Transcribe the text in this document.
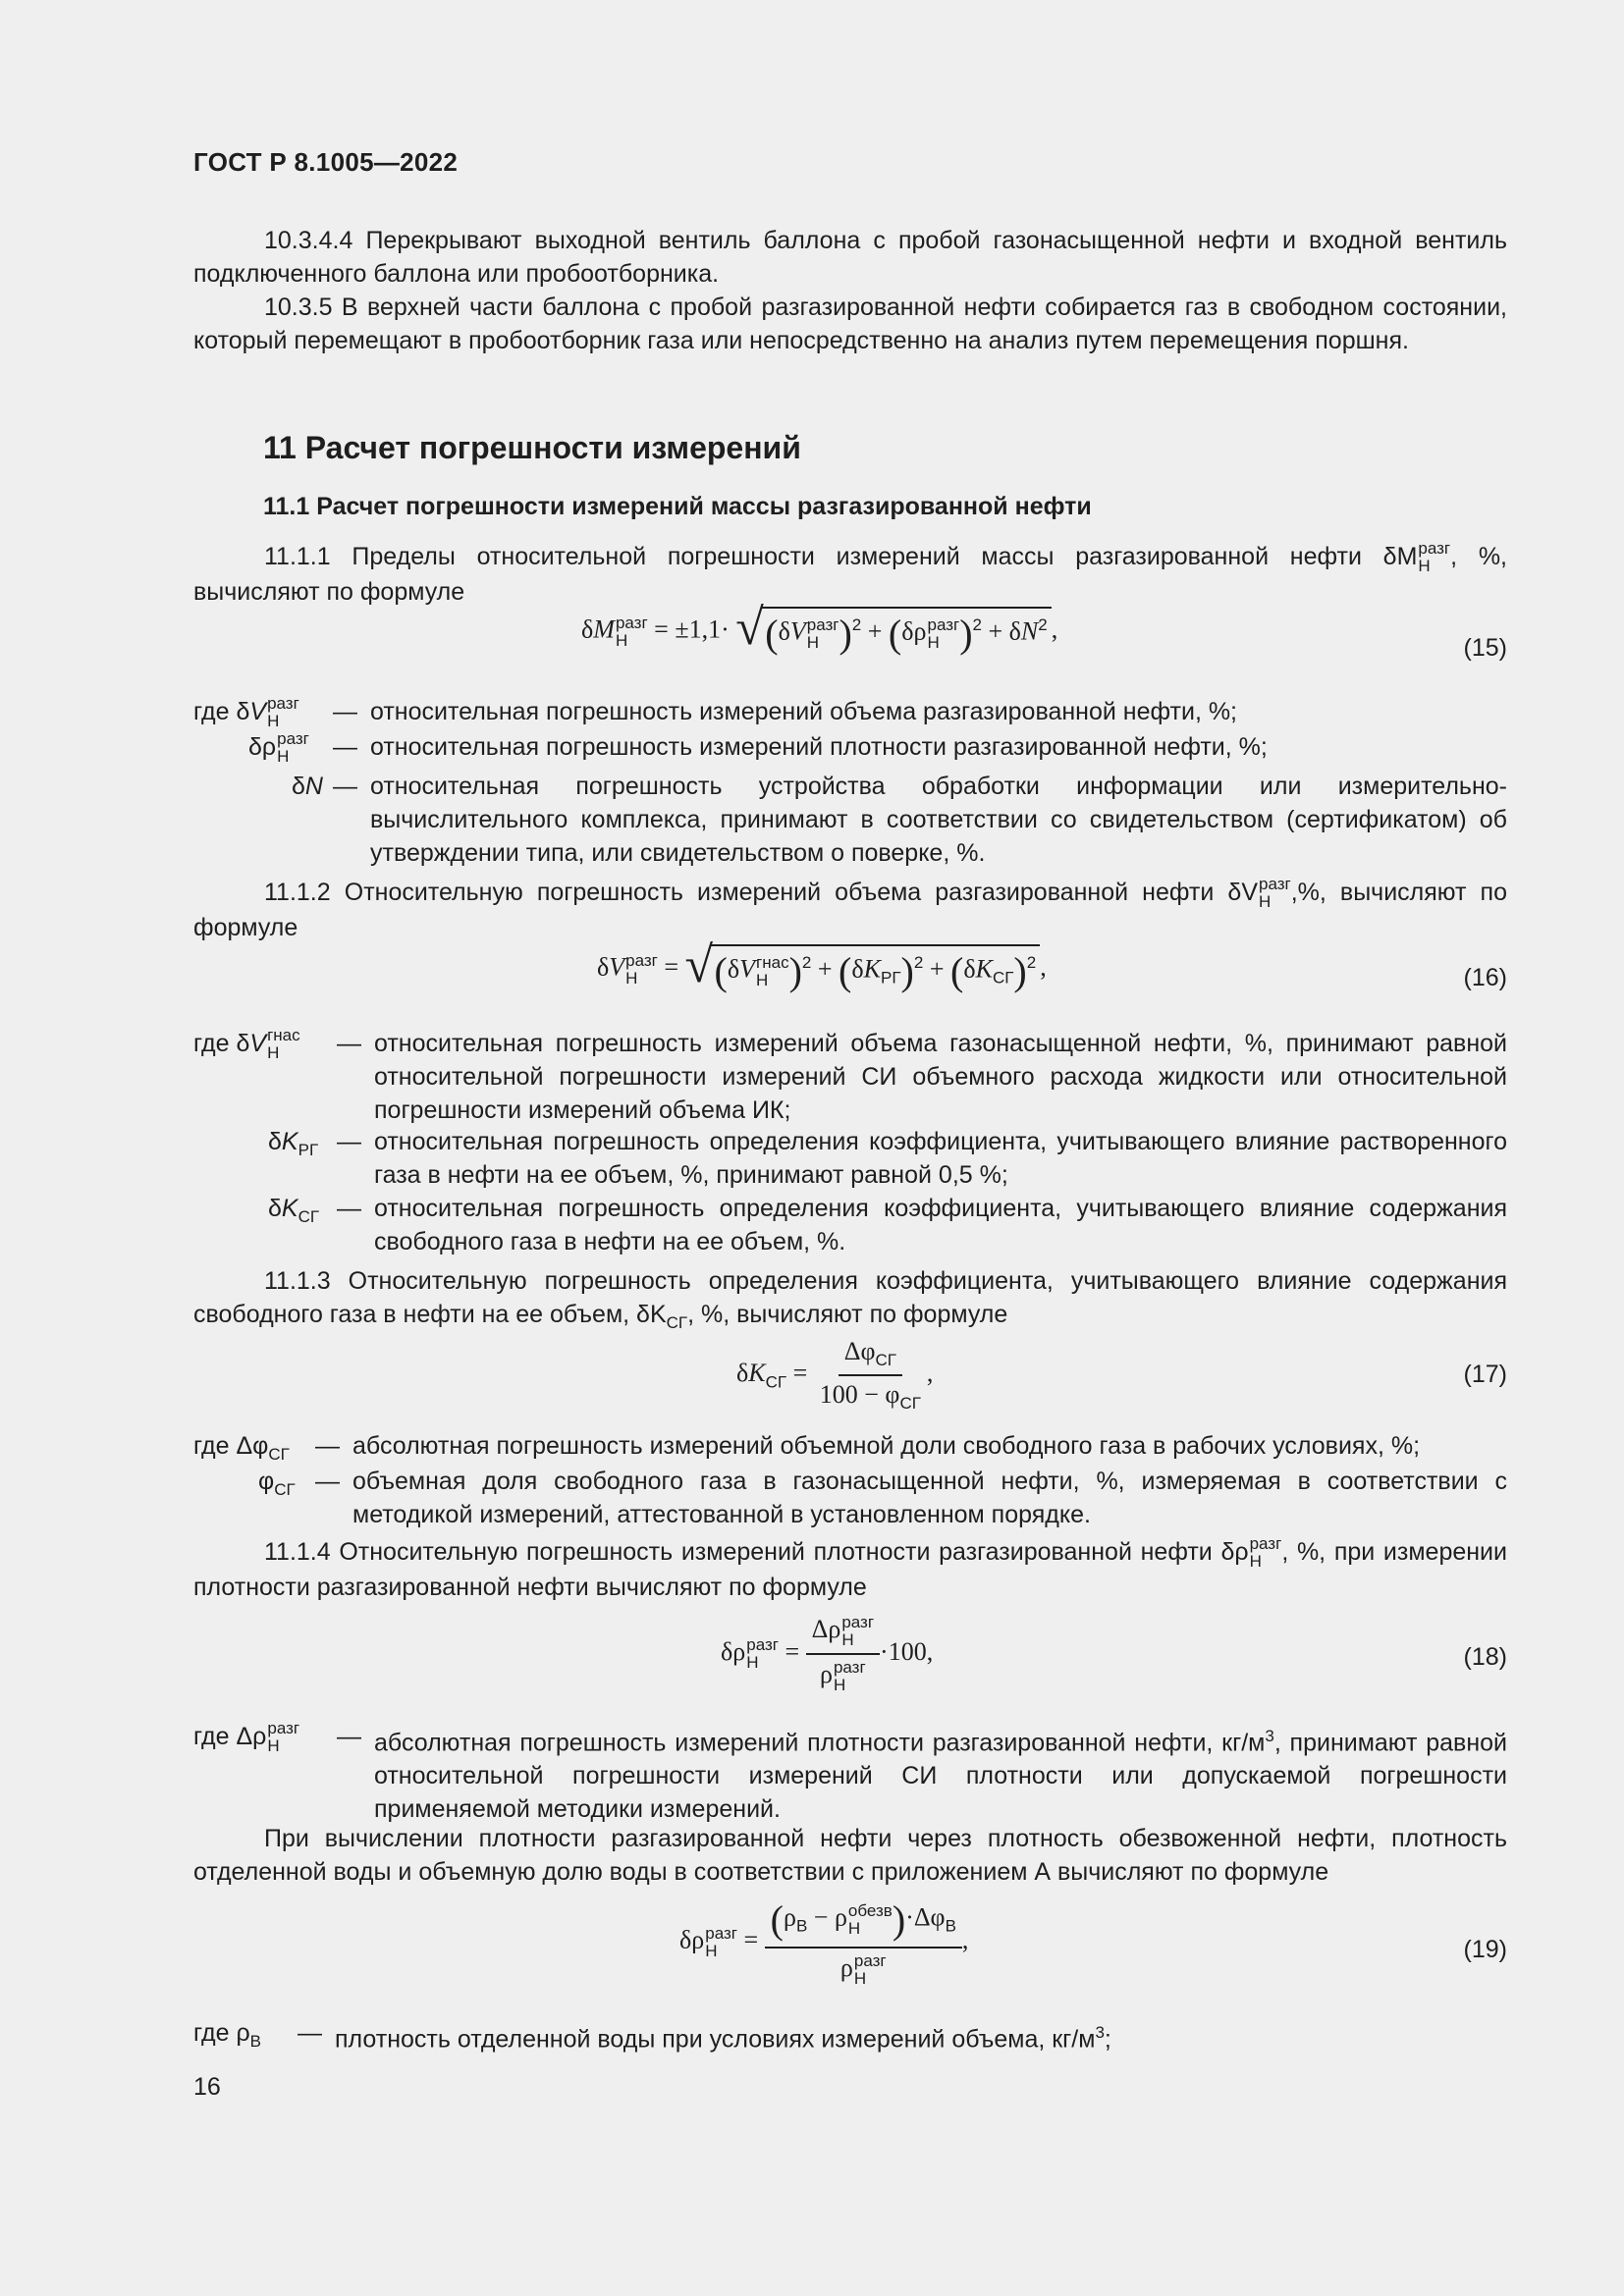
ГОСТ Р 8.1005—2022
10.3.4.4 Перекрывают выходной вентиль баллона с пробой газонасыщенной нефти и входной вентиль подключенного баллона или пробоотборника.
10.3.5 В верхней части баллона с пробой разгазированной нефти собирается газ в свободном состоянии, который перемещают в пробоотборник газа или непосредственно на анализ путем перемещения поршня.
11 Расчет погрешности измерений
11.1 Расчет погрешности измерений массы разгазированной нефти
11.1.1 Пределы относительной погрешности измерений массы разгазированной нефти δM разг
Н , %, вычисляют по формуле
δM разг
Н	= ±1,1· √ (δV разг
Н )$^2$ + (δρ разг
Н )$^2 + \delta N^2$ ,
(15)
где δV разг
Н	— относительная погрешность измерений объема разгазированной нефти, %;
δρ разг
Н	— относительная погрешность измерений плотности разгазированной нефти, %;
δN — относительная погрешность устройства обработки информации или измерительно-вычислительного комплекса, принимают в соответствии со свидетельством (сертификатом) об утверждении типа, или свидетельством о поверке, %.
11.1.2 Относительную погрешность измерений объема разгазированной нефти δV разг
Н ,%, вычисляют по формуле
δV разг
Н = √ (δV гнас
Н )$^2 + (\delta K_{РГ})^2 + (\delta K_{СГ})^2$ ,	(16)
где δV гнас
Н	— относительная погрешность измерений объема газонасыщенной нефти, %, принимают равной относительной погрешности измерений СИ объемного расхода жидкости или относительной погрешности измерений объема ИК;
$\delta K_{РГ}$ — относительная погрешность определения коэффициента, учитывающего влияние растворенного газа в нефти на ее объем, %, принимают равной 0,5 %;
$\delta K_{СГ}$ — относительная погрешность определения коэффициента, учитывающего влияние содержания свободного газа в нефти на ее объем, %.
11.1.3 Относительную погрешность определения коэффициента, учитывающего влияние содержания свободного газа в нефти на ее объем, $\delta K_{СГ}$, %, вычисляют по формуле
$\delta K_{СГ} = \frac{\Delta\varphi_{СГ}}{100 - \varphi_{СГ}}$ ,	(17)
где $\Delta\varphi_{СГ}$ — абсолютная погрешность измерений объемной доли свободного газа в рабочих условиях, %;
$\varphi_{СГ}$ — объемная доля свободного газа в газонасыщенной нефти, %, измеряемая в соответствии с методикой измерений, аттестованной в установленном порядке.
11.1.4 Относительную погрешность измерений плотности разгазированной нефти δρ разг
Н , %, при измерении плотности разгазированной нефти вычисляют по формуле
δρ разг
Н = Δρ разг
Н
ρ разг
Н ·100,	(18)
где Δρ разг
Н	— абсолютная погрешность измерений плотности разгазированной нефти, $кг/м^3$, принимают равной относительной погрешности измерений СИ плотности или допускаемой погрешности применяемой методики измерений.
При вычислении плотности разгазированной нефти через плотность обезвоженной нефти, плотность отделенной воды и объемную долю воды в соответствии с приложением А вычисляют по формуле
δρ разг
$Н = (\rho_В - \rho$ обезв
Н )$\cdot\Delta\varphi_В$
ρ разг
Н ,	(19)
где $\rho_В$ — плотность отделенной воды при условиях измерений объема, $кг/м^3$;
16
